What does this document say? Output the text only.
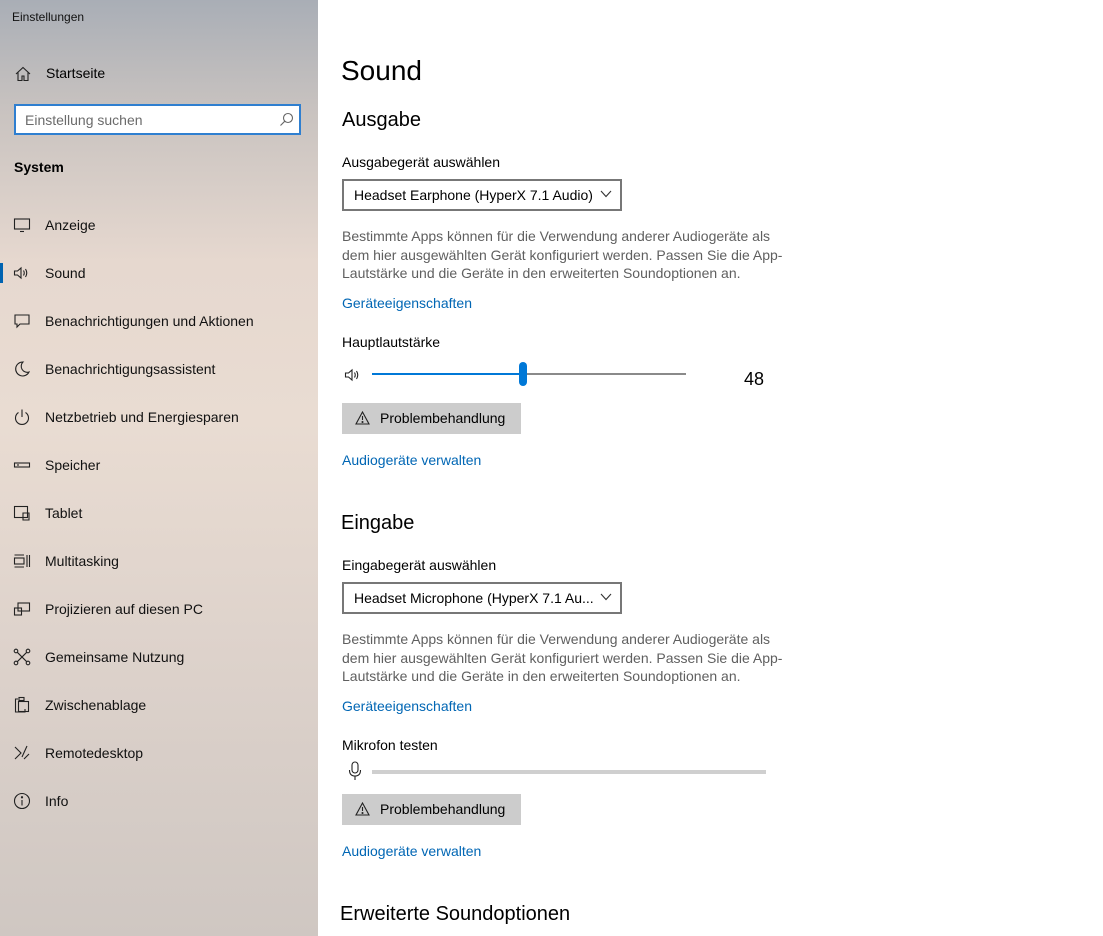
Einstellungen
Startseite
Einstellung suchen
System
Anzeige
Sound
Benachrichtigungen und Aktionen
Benachrichtigungsassistent
Netzbetrieb und Energiesparen
Speicher
Tablet
Multitasking
Projizieren auf diesen PC
Gemeinsame Nutzung
Zwischenablage
Remotedesktop
Info
Sound
Ausgabe
Ausgabegerät auswählen
Headset Earphone (HyperX 7.1 Audio)
Bestimmte Apps können für die Verwendung anderer Audiogeräte als dem hier ausgewählten Gerät konfiguriert werden. Passen Sie die App-Lautstärke und die Geräte in den erweiterten Soundoptionen an.
Geräteeigenschaften
Hauptlautstärke
48
Problembehandlung
Audiogeräte verwalten
Eingabe
Eingabegerät auswählen
Headset Microphone (HyperX 7.1 Au...
Bestimmte Apps können für die Verwendung anderer Audiogeräte als dem hier ausgewählten Gerät konfiguriert werden. Passen Sie die App-Lautstärke und die Geräte in den erweiterten Soundoptionen an.
Geräteeigenschaften
Mikrofon testen
Problembehandlung
Audiogeräte verwalten
Erweiterte Soundoptionen
